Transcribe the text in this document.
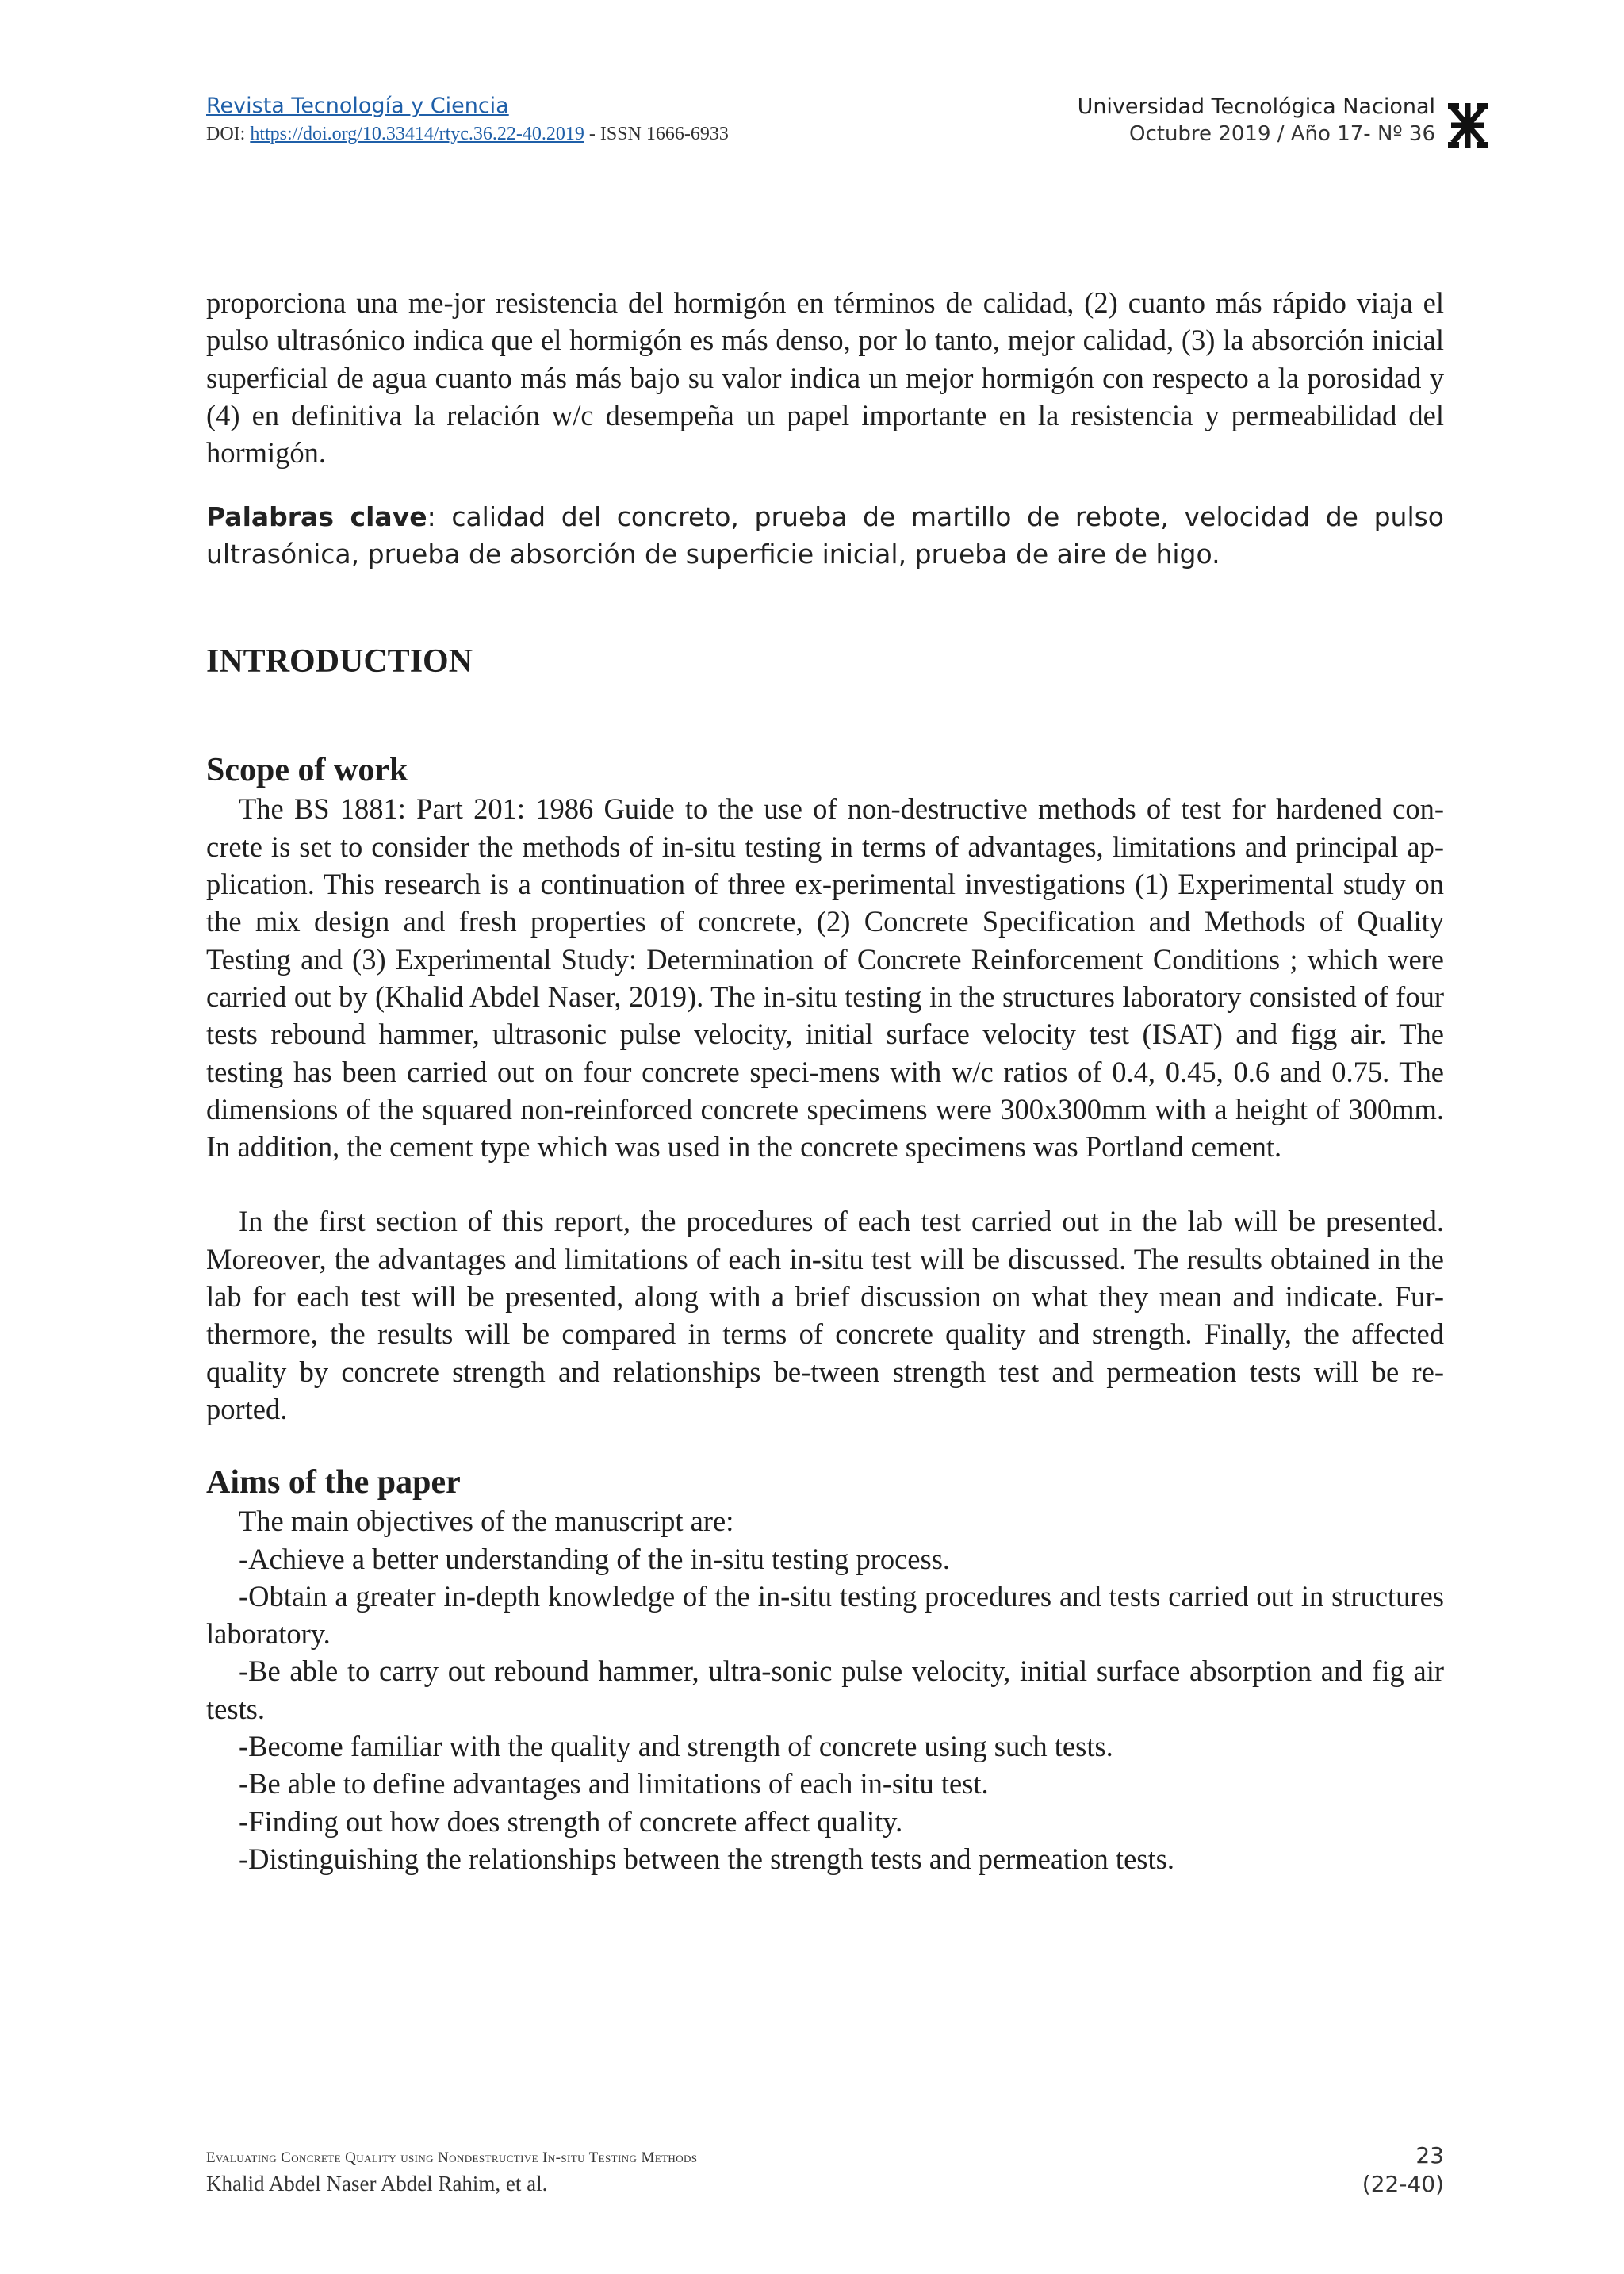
Revista Tecnología y Ciencia
DOI: https://doi.org/10.33414/rtyc.36.22-40.2019 - ISSN 1666-6933
Universidad Tecnológica Nacional
Octubre 2019 / Año 17- Nº 36

proporciona una me-jor resistencia del hormigón en términos de calidad, (2) cuanto más rápido viaja el pulso ultrasónico indica que el hormigón es más denso, por lo tanto, mejor calidad, (3) la absorción inicial superficial de agua cuanto más más bajo su valor indica un mejor hormigón con respecto a la porosidad y (4) en definitiva la relación w/c desempeña un papel importante en la resistencia y permeabilidad del hormigón.

Palabras clave: calidad del concreto, prueba de martillo de rebote, velocidad de pulso ultrasónica, prueba de absorción de superficie inicial, prueba de aire de higo.

INTRODUCTION
Scope of work

The BS 1881: Part 201: 1986 Guide to the use of non-destructive methods of test for hardened con-crete is set to consider the methods of in-situ testing in terms of advantages, limitations and principal ap-plication. This research is a continuation of three ex-perimental investigations (1) Experimental study on the mix design and fresh properties of concrete, (2) Concrete Specification and Methods of Quality Testing and (3) Experimental Study: Determination of Concrete Reinforcement Conditions ; which were carried out by (Khalid Abdel Naser, 2019). The in-situ testing in the structures laboratory consisted of four tests rebound hammer, ultrasonic pulse velocity, initial surface velocity test (ISAT) and figg air. The testing has been carried out on four concrete speci-mens with w/c ratios of 0.4, 0.45, 0.6 and 0.75. The dimensions of the squared non-reinforced concrete specimens were 300x300mm with a height of 300mm. In addition, the cement type which was used in the concrete specimens was Portland cement.

In the first section of this report, the procedures of each test carried out in the lab will be presented. Moreover, the advantages and limitations of each in-situ test will be discussed. The results obtained in the lab for each test will be presented, along with a brief discussion on what they mean and indicate. Fur-thermore, the results will be compared in terms of concrete quality and strength. Finally, the affected quality by concrete strength and relationships be-tween strength test and permeation tests will be re-ported.

Aims of the paper

The main objectives of the manuscript are:

-Achieve a better understanding of the in-situ testing process.

-Obtain a greater in-depth knowledge of the in-situ testing procedures and tests carried out in structures laboratory.

-Be able to carry out rebound hammer, ultra-sonic pulse velocity, initial surface absorption and fig air tests.

-Become familiar with the quality and strength of concrete using such tests.

-Be able to define advantages and limitations of each in-situ test.

-Finding out how does strength of concrete affect quality.

-Distinguishing the relationships between the strength tests and permeation tests.

Evaluating Concrete Quality using Nondestructive In-situ Testing Methods
Khalid Abdel Naser Abdel Rahim, et al.
23
(22-40)
